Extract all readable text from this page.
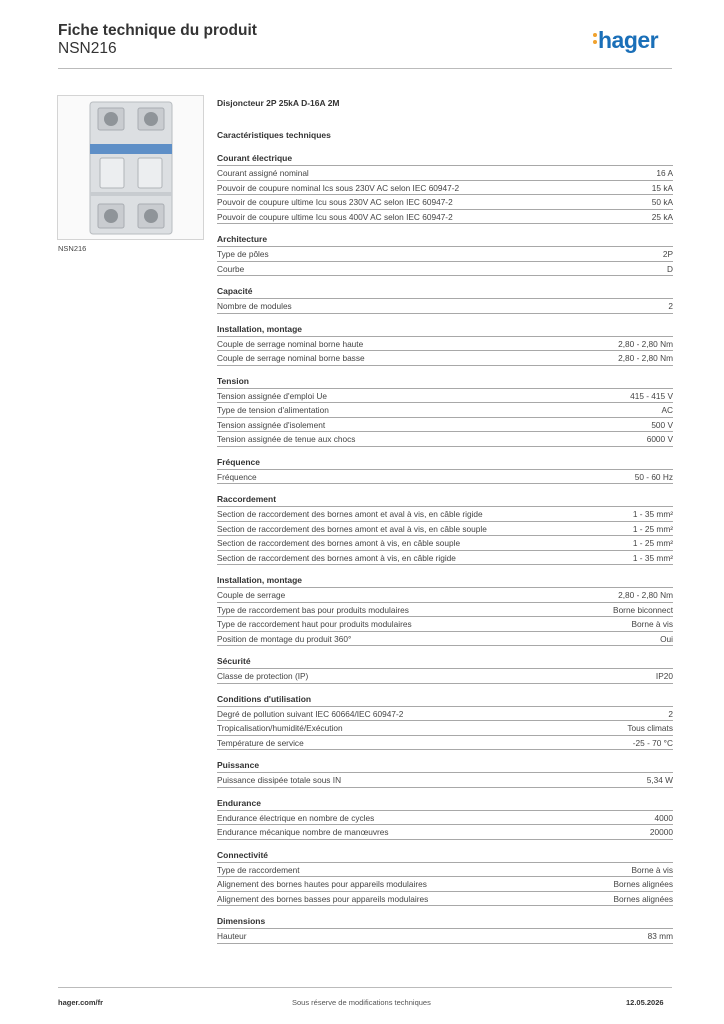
Fiche technique du produit
NSN216	hager
NSN216
Disjoncteur 2P 25kA D-16A 2M
Caractéristiques techniques
Courant électrique
Courant assigné nominal	16 A
Pouvoir de coupure nominal Ics sous 230V AC selon IEC 60947-2	15 kA
Pouvoir de coupure ultime Icu sous 230V AC selon IEC 60947-2	50 kA
Pouvoir de coupure ultime Icu sous 400V AC selon IEC 60947-2	25 kA
Architecture
Type de pôles	2P
Courbe	D
Capacité
Nombre de modules	2
Installation, montage
Couple de serrage nominal borne haute	2,80 - 2,80 Nm
Couple de serrage nominal borne basse	2,80 - 2,80 Nm
Tension
Tension assignée d'emploi Ue	415 - 415 V
Type de tension d'alimentation	AC
Tension assignée d'isolement	500 V
Tension assignée de tenue aux chocs	6000 V
Fréquence
Fréquence	50 - 60 Hz
Raccordement
Section de raccordement des bornes amont et aval à vis, en câble rigide	1 - 35 mm²
Section de raccordement des bornes amont et aval à vis, en câble souple	1 - 25 mm²
Section de raccordement des bornes amont à vis, en câble souple	1 - 25 mm²
Section de raccordement des bornes amont à vis, en câble rigide	1 - 35 mm²
Installation, montage
Couple de serrage	2,80 - 2,80 Nm
Type de raccordement bas pour produits modulaires	Borne biconnect
Type de raccordement haut pour produits modulaires	Borne à vis
Position de montage du produit 360°	Oui
Sécurité
Classe de protection (IP)	IP20
Conditions d'utilisation
Degré de pollution suivant IEC 60664/IEC 60947-2	2
Tropicalisation/humidité/Exécution	Tous climats
Température de service	-25 - 70 °C
Puissance
Puissance dissipée totale sous IN	5,34 W
Endurance
Endurance électrique en nombre de cycles	4000
Endurance mécanique nombre de manœuvres	20000
Connectivité
Type de raccordement	Borne à vis
Alignement des bornes hautes pour appareils modulaires	Bornes alignées
Alignement des bornes basses pour appareils modulaires	Bornes alignées
Dimensions
Hauteur	83 mm
hager.com/fr	Sous réserve de modifications techniques	12.05.2026
